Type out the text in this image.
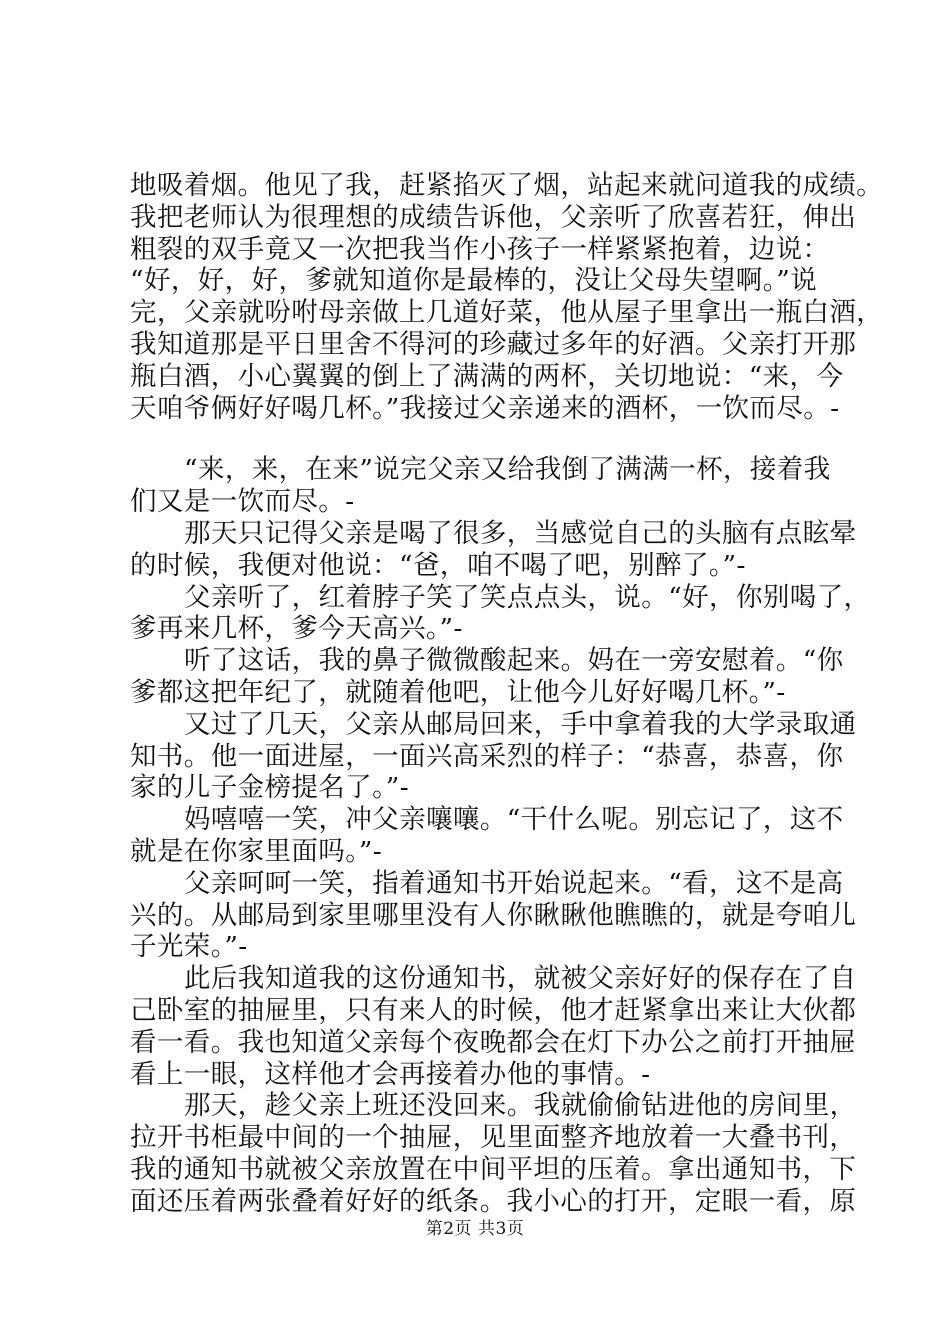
地吸着烟。他见了我，赶紧掐灭了烟，站起来就问道我的成绩。
我把老师认为很理想的成绩告诉他，父亲听了欣喜若狂，伸出
粗裂的双手竟又一次把我当作小孩子一样紧紧抱着，边说：
“好，好，好，爹就知道你是最棒的，没让父母失望啊。”说
完，父亲就吩咐母亲做上几道好菜，他从屋子里拿出一瓶白酒，
我知道那是平日里舍不得河的珍藏过多年的好酒。父亲打开那
瓶白酒，小心翼翼的倒上了满满的两杯，关切地说：“来，今
天咱爷俩好好喝几杯。”我接过父亲递来的酒杯，一饮而尽。-
“来，来，在来”说完父亲又给我倒了满满一杯，接着我
们又是一饮而尽。-
那天只记得父亲是喝了很多，当感觉自己的头脑有点眩晕
的时候，我便对他说：“爸，咱不喝了吧，别醉了。”-
父亲听了，红着脖子笑了笑点点头，说。“好，你别喝了，
爹再来几杯，爹今天高兴。”-
听了这话，我的鼻子微微酸起来。妈在一旁安慰着。“你
爹都这把年纪了，就随着他吧，让他今儿好好喝几杯。”-
又过了几天，父亲从邮局回来，手中拿着我的大学录取通
知书。他一面进屋，一面兴高采烈的样子：“恭喜，恭喜，你
家的儿子金榜提名了。”-
妈嘻嘻一笑，冲父亲嚷嚷。“干什么呢。别忘记了，这不
就是在你家里面吗。”-
父亲呵呵一笑，指着通知书开始说起来。“看，这不是高
兴的。从邮局到家里哪里没有人你瞅瞅他瞧瞧的，就是夸咱儿
子光荣。”-
此后我知道我的这份通知书，就被父亲好好的保存在了自
己卧室的抽屉里，只有来人的时候，他才赶紧拿出来让大伙都
看一看。我也知道父亲每个夜晚都会在灯下办公之前打开抽屉
看上一眼，这样他才会再接着办他的事情。-
那天，趁父亲上班还没回来。我就偷偷钻进他的房间里，
拉开书柜最中间的一个抽屉，见里面整齐地放着一大叠书刊，
我的通知书就被父亲放置在中间平坦的压着。拿出通知书，下
面还压着两张叠着好好的纸条。我小心的打开，定眼一看，原
第2页 共3页
